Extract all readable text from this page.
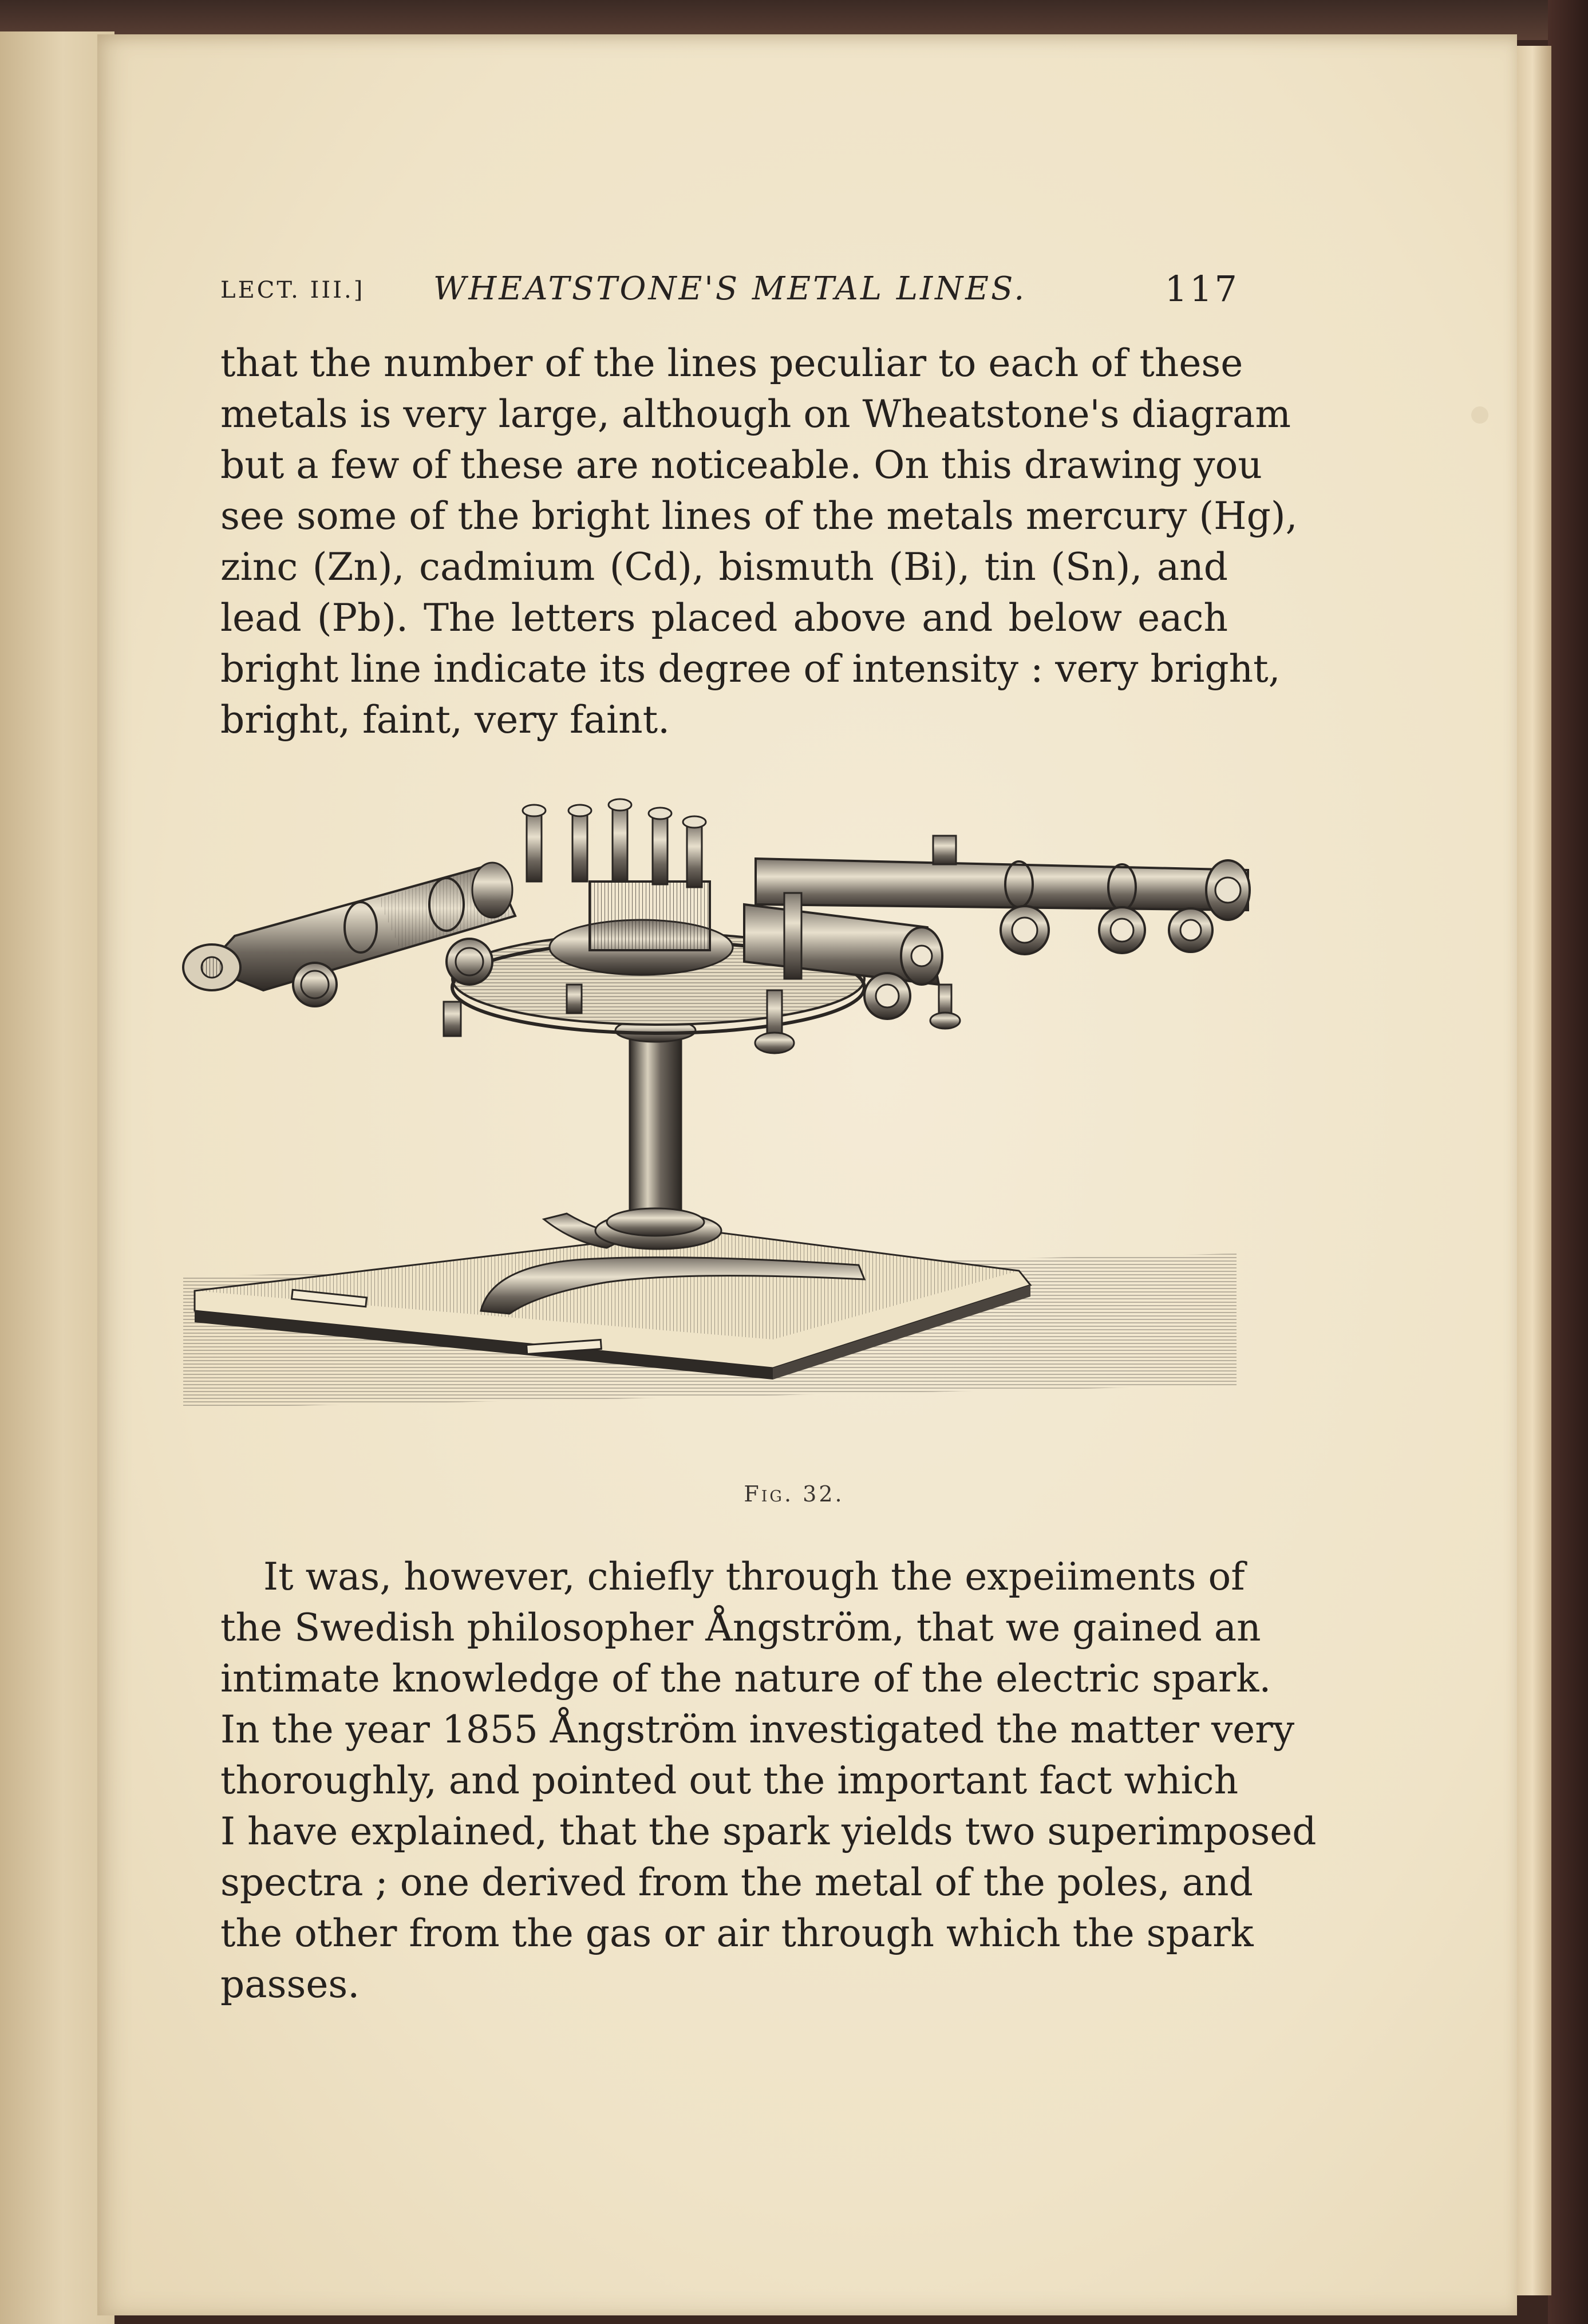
LECT. III.]	WHEATSTONE'S METAL LINES.	117

that the number of the lines peculiar to each of these
metals is very large, although on Wheatstone's diagram
but a few of these are noticeable. On this drawing you
see some of the bright lines of the metals mercury (Hg),
zinc (Zn), cadmium (Cd), bismuth (Bi), tin (Sn), and
lead (Pb). The letters placed above and below each
bright line indicate its degree of intensity : very bright,
bright, faint, very faint.

Fig. 32.

It was, however, chiefly through the expeiiments of
the Swedish philosopher Ångström, that we gained an
intimate knowledge of the nature of the electric spark.
In the year 1855 Ångström investigated the matter very
thoroughly, and pointed out the important fact which
I have explained, that the spark yields two superimposed
spectra ; one derived from the metal of the poles, and
the other from the gas or air through which the spark
passes.
